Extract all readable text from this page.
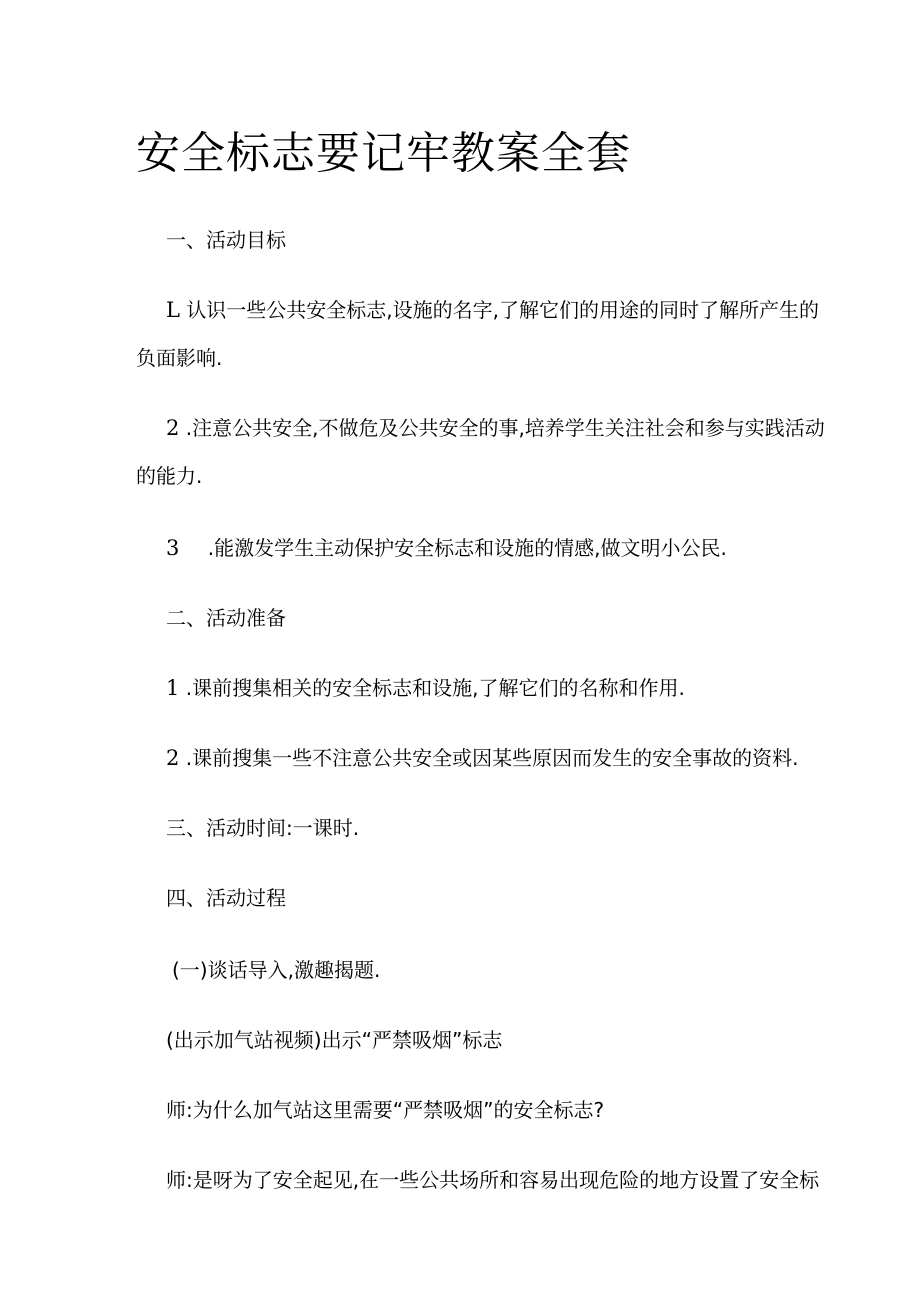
安全标志要记牢教案全套
一、活动目标
L 认识一些公共安全标志,设施的名字,了解它们的用途的同时了解所产生的
负面影响.
2 .注意公共安全,不做危及公共安全的事,培养学生关注社会和参与实践活动
的能力.
3 .能激发学生主动保护安全标志和设施的情感,做文明小公民.
二、活动准备
1 .课前搜集相关的安全标志和设施,了解它们的名称和作用.
2 .课前搜集一些不注意公共安全或因某些原因而发生的安全事故的资料.
三、活动时间:一课时.
四、活动过程
(一)谈话导入,激趣揭题.
(出示加气站视频)出示“严禁吸烟”标志
师:为什么加气站这里需要“严禁吸烟”的安全标志?
师:是呀为了安全起见,在一些公共场所和容易出现危险的地方设置了安全标
